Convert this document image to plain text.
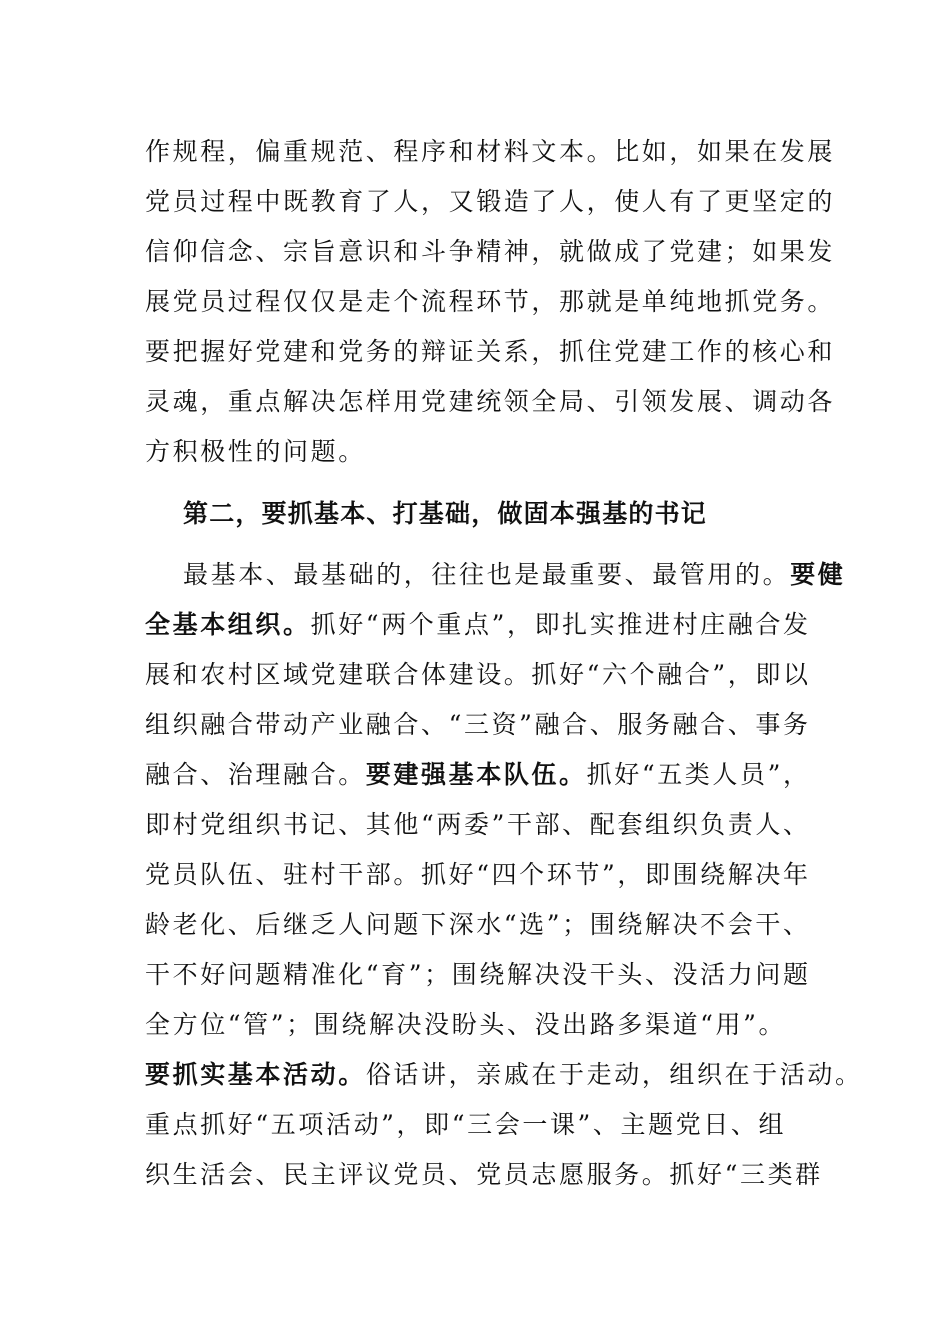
作规程，偏重规范、程序和材料文本。比如，如果在发展
党员过程中既教育了人，又锻造了人，使人有了更坚定的
信仰信念、宗旨意识和斗争精神，就做成了党建；如果发
展党员过程仅仅是走个流程环节，那就是单纯地抓党务。
要把握好党建和党务的辩证关系，抓住党建工作的核心和
灵魂，重点解决怎样用党建统领全局、引领发展、调动各
方积极性的问题。
第二，要抓基本、打基础，做固本强基的书记
最基本、最基础的，往往也是最重要、最管用的。要健
全基本组织。抓好“两个重点”，即扎实推进村庄融合发
展和农村区域党建联合体建设。抓好“六个融合”，即以
组织融合带动产业融合、“三资”融合、服务融合、事务
融合、治理融合。要建强基本队伍。抓好“五类人员”，
即村党组织书记、其他“两委”干部、配套组织负责人、
党员队伍、驻村干部。抓好“四个环节”，即围绕解决年
龄老化、后继乏人问题下深水“选”；围绕解决不会干、
干不好问题精准化“育”；围绕解决没干头、没活力问题
全方位“管”；围绕解决没盼头、没出路多渠道“用”。
要抓实基本活动。俗话讲，亲戚在于走动，组织在于活动。
重点抓好“五项活动”，即“三会一课”、主题党日、组
织生活会、民主评议党员、党员志愿服务。抓好“三类群
